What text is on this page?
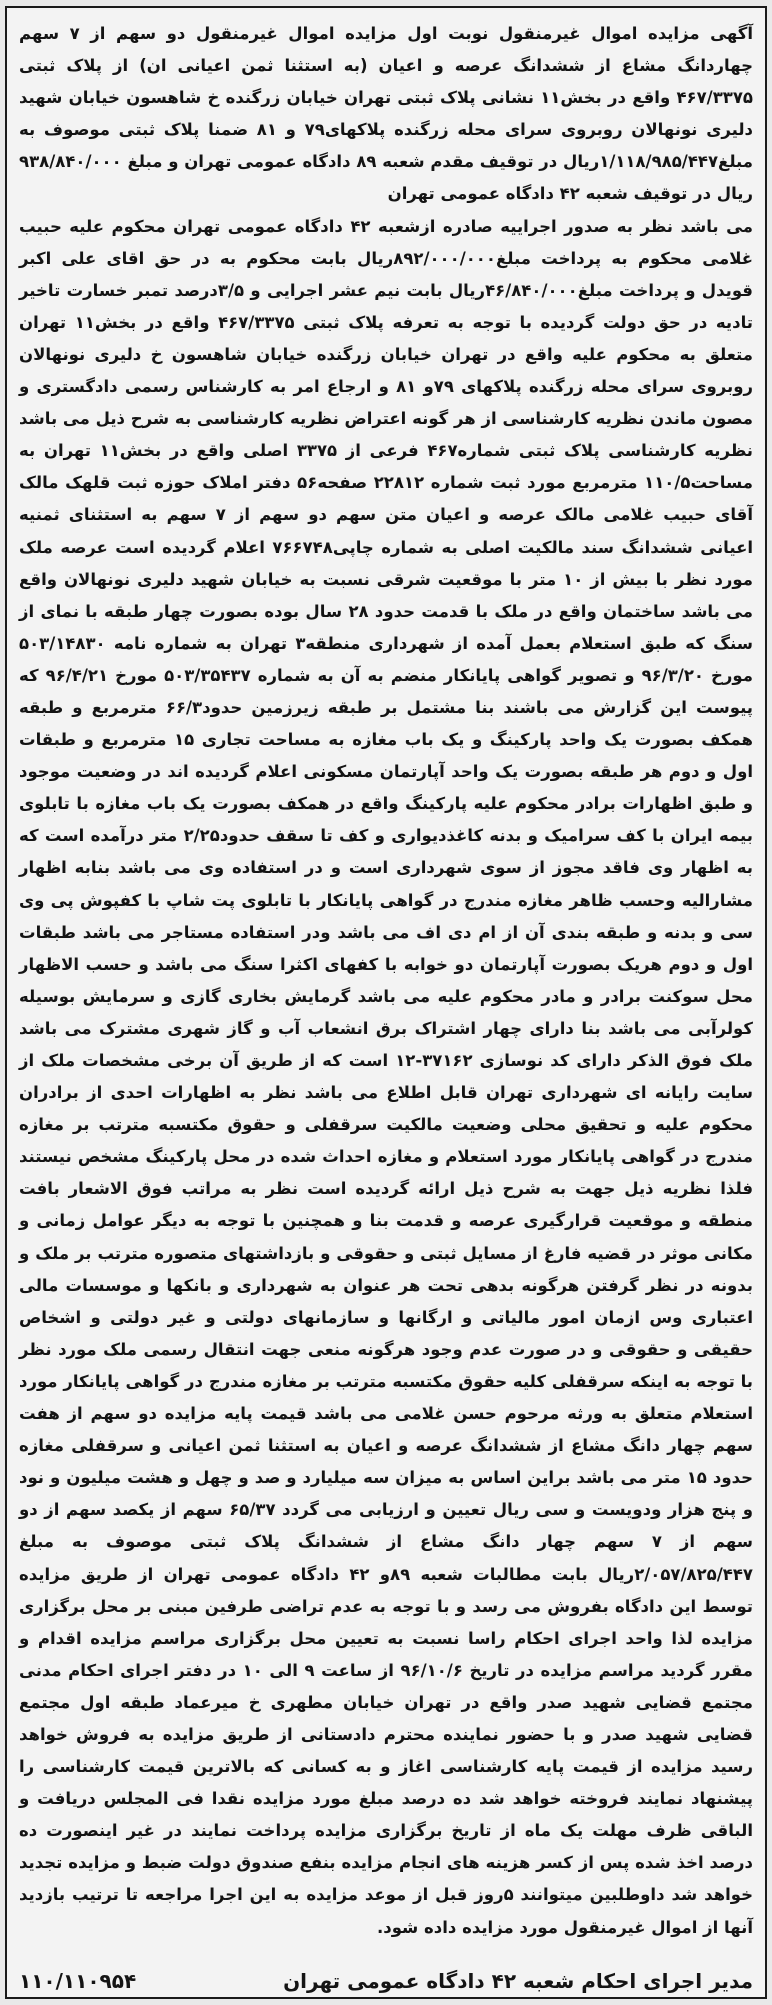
آگهی مزایده اموال غیرمنقول نوبت اول مزایده اموال غیرمنقول دو سهم از ۷ سهم چهاردانگ مشاع از ششدانگ عرصه و اعیان (به استثنا ثمن اعیانی ان) از پلاک ثبتی ۴۶۷/۳۳۷۵ واقع در بخش۱۱ نشانی پلاک ثبتی تهران خیابان زرگنده خ شاهسون خیابان شهید دلیری نونهالان روبروی سرای محله زرگنده پلاکهای۷۹ و ۸۱ ضمنا پلاک ثبتی موصوف به مبلغ۱/۱۱۸/۹۸۵/۴۴۷ریال در توقیف مقدم شعبه ۸۹ دادگاه عمومی تهران و مبلغ ۹۳۸/۸۴۰/۰۰۰ ریال در توقیف شعبه ۴۲ دادگاه عمومی تهران

می باشد نظر به صدور اجراییه صادره ازشعبه ۴۲ دادگاه عمومی تهران محکوم علیه حبیب غلامی محکوم به پرداخت مبلغ۸۹۲/۰۰۰/۰۰۰ریال بابت محکوم به در حق اقای علی اکبر قویدل و پرداخت مبلغ۴۶/۸۴۰/۰۰۰ریال بابت نیم عشر اجرایی و ۳/۵درصد تمبر خسارت تاخیر تادیه در حق دولت گردیده با توجه به تعرفه پلاک ثبتی ۴۶۷/۳۳۷۵ واقع در بخش۱۱ تهران متعلق به محکوم علیه واقع در تهران خیابان زرگنده خیابان شاهسون خ دلیری نونهالان روبروی سرای محله زرگنده پلاکهای ۷۹و ۸۱ و ارجاع امر به کارشناس رسمی دادگستری و مصون ماندن نظریه کارشناسی از هر گونه اعتراض نظریه کارشناسی به شرح ذیل می باشد نظریه کارشناسی پلاک ثبتی شماره۴۶۷ فرعی از ۳۳۷۵ اصلی واقع در بخش۱۱ تهران به مساحت۱۱۰/۵ مترمربع مورد ثبت شماره ۲۲۸۱۲ صفحه۵۶ دفتر املاک حوزه ثبت قلهک مالک آقای حبیب غلامی مالک عرصه و اعیان متن سهم دو سهم از ۷ سهم به استثنای ثمنیه اعیانی ششدانگ سند مالکیت اصلی به شماره چاپی۷۶۶۷۴۸ اعلام گردیده است عرصه ملک مورد نظر با بیش از ۱۰ متر با موقعیت شرقی نسبت به خیابان شهید دلیری نونهالان واقع می باشد ساختمان واقع در ملک با قدمت حدود ۲۸ سال بوده بصورت چهار طبقه با نمای از سنگ که طبق استعلام بعمل آمده از شهرداری منطقه۳ تهران به شماره نامه ۵۰۳/۱۴۸۳۰ مورخ ۹۶/۳/۲۰ و تصویر گواهی پایانکار منضم به آن به شماره ۵۰۳/۳۵۴۳۷ مورخ ۹۶/۴/۲۱ که پیوست این گزارش می باشند بنا مشتمل بر طبقه زیرزمین حدود۶۶/۳ مترمربع و طبقه همکف بصورت یک واحد پارکینگ و یک باب مغازه به مساحت تجاری ۱۵ مترمربع و طبقات اول و دوم هر طبقه بصورت یک واحد آپارتمان مسکونی اعلام گردیده اند در وضعیت موجود و طبق اظهارات برادر محکوم علیه پارکینگ واقع در همکف بصورت یک باب مغازه با تابلوی بیمه ایران با کف سرامیک و بدنه کاغذدیواری و کف تا سقف حدود۲/۲۵ متر درآمده است که به اظهار وی فاقد مجوز از سوی شهرداری است و در استفاده وی می باشد بنابه اظهار مشارالیه وحسب ظاهر مغازه مندرج در گواهی پایانکار با تابلوی پت شاپ با کفپوش پی وی سی و بدنه و طبقه بندی آن از ام دی اف می باشد ودر استفاده مستاجر می باشد طبقات اول و دوم هریک بصورت آپارتمان دو خوابه با کفهای اکثرا سنگ می باشد و حسب الاظهار محل سوکنت برادر و مادر محکوم علیه می باشد گرمایش بخاری گازی و سرمایش بوسیله کولرآبی می باشد بنا دارای چهار اشتراک برق انشعاب آب و گاز شهری مشترک می باشد ملک فوق الذکر دارای کد نوسازی ۳۷۱۶۲-۱۲ است که از طریق آن برخی مشخصات ملک از سایت رایانه ای شهرداری تهران قابل اطلاع می باشد نظر به اظهارات احدی از برادران محکوم علیه و تحقیق محلی وضعیت مالکیت سرقفلی و حقوق مکتسبه مترتب بر مغازه مندرج در گواهی پایانکار مورد استعلام و مغازه احداث شده در محل پارکینگ مشخص نیستند فلذا نظریه ذیل جهت به شرح ذیل ارائه گردیده است نظر به مراتب فوق الاشعار بافت منطقه و موقعیت قرارگیری عرصه و قدمت بنا و همچنین با توجه به دیگر عوامل زمانی و مکانی موثر در قضیه فارغ از مسایل ثبتی و حقوقی و بازداشتهای متصوره مترتب بر ملک و بدونه در نظر گرفتن هرگونه بدهی تحت هر عنوان به شهرداری و بانکها و موسسات مالی اعتباری وس ازمان امور مالیاتی و ارگانها و سازمانهای دولتی و غیر دولتی و اشخاص حقیقی و حقوقی و در صورت عدم وجود هرگونه منعی جهت انتقال رسمی ملک مورد نظر با توجه به اینکه سرقفلی کلیه حقوق مکتسبه مترتب بر مغازه مندرج در گواهی پایانکار مورد استعلام متعلق به ورثه مرحوم حسن غلامی می باشد قیمت پایه مزایده دو سهم از هفت سهم چهار دانگ مشاع از ششدانگ عرصه و اعیان به استثنا ثمن اعیانی و سرقفلی مغازه حدود ۱۵ متر می باشد براین اساس به میزان سه میلیارد و صد و چهل و هشت میلیون و نود و پنج هزار ودویست و سی ریال تعیین و ارزیابی می گردد ۶۵/۳۷ سهم از یکصد سهم از دو سهم از ۷ سهم چهار دانگ مشاع از ششدانگ پلاک ثبتی موصوف به مبلغ ۲/۰۵۷/۸۲۵/۴۴۷ریال بابت مطالبات شعبه ۸۹و ۴۲ دادگاه عمومی تهران از طریق مزایده توسط این دادگاه بفروش می رسد و با توجه به عدم تراضی طرفین مبنی بر محل برگزاری مزایده لذا واحد اجرای احکام راسا نسبت به تعیین محل برگزاری مراسم مزایده اقدام و مقرر گردید مراسم مزایده در تاریخ ۹۶/۱۰/۶ از ساعت ۹ الی ۱۰ در دفتر اجرای احکام مدنی مجتمع قضایی شهید صدر واقع در تهران خیابان مطهری خ میرعماد طبقه اول مجتمع قضایی شهید صدر و با حضور نماینده محترم دادستانی از طریق مزایده به فروش خواهد رسید مزایده از قیمت پایه کارشناسی اغاز و به کسانی که بالاترین قیمت کارشناسی را پیشنهاد نمایند فروخته خواهد شد ده درصد مبلغ مورد مزایده نقدا فی المجلس دریافت و الباقی ظرف مهلت یک ماه از تاریخ برگزاری مزایده پرداخت نمایند در غیر اینصورت ده درصد اخذ شده پس از کسر هزینه های انجام مزایده بنفع صندوق دولت ضبط و مزایده تجدید خواهد شد داوطلبین میتوانند ۵روز قبل از موعد مزایده به این اجرا مراجعه تا ترتیب بازدید آنها از اموال غیرمنقول مورد مزایده داده شود.

مدیر اجرای احکام شعبه ۴۲ دادگاه عمومی تهران
۱۱۰/۱۱۰۹۵۴
